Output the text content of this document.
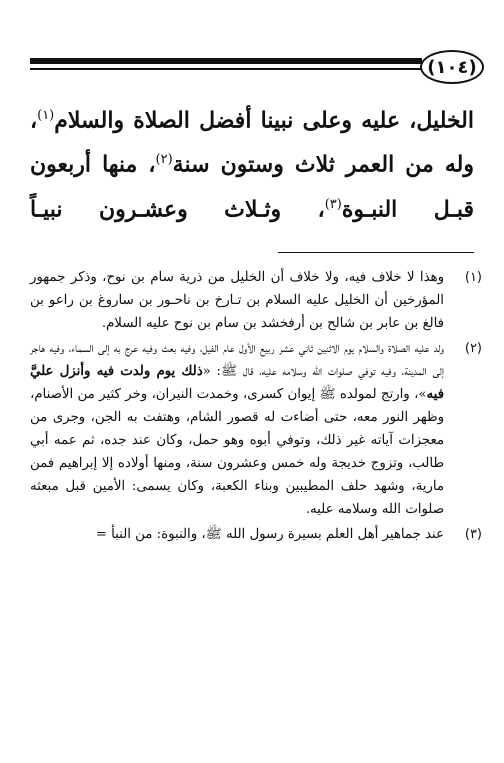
(١٠٤)
الخليل، عليه وعلى نبينا أفضل الصلاة والسلام$^{(١)}$،
وله من العمر ثلاث وستون سنة$^{(٢)}$، منها أربعون
قبـل النبـوة$^{(٣)}$، وثـلاث وعشـرون نبيـاً
(١)
وهذا لا خلاف فيه، ولا خلاف أن الخليل من ذرية سام بن نوح، وذكر جمهور المؤرخين أن الخليل عليه السلام بن تـارخ بن ناحـور بن ساروغ بن راعو بن فالغ بن عابر بن شالح بن أرفخشد بن سام بن نوح عليه السلام.
(٢)
ولد عليه الصلاة والسلام يوم الاثنين ثاني عشر ربيع الأول عام الفيل، وفيه بعث وفيه عرج به إلى السماء، وفيه هاجر إلى المدينة، وفيه توفي صلوات الله وسلامه عليه، قال ﷺ: «ذلك يوم ولدت فيه وأنزل عليَّ فيه»، وارتج لمولده ﷺ إيوان كسرى، وخمدت النيران، وخر كثير من الأصنام، وظهر النور معه، حتى أضاءت له قصور الشام، وهتفت به الجن، وجرى من معجزات آياته غير ذلك، وتوفي أبوه وهو حمل، وكان عند جده، ثم عمه أبي طالب، وتزوج خديجة وله خمس وعشرون سنة، ومنها أولاده إلا إبراهيم فمن مارية، وشهد حلف المطيبين وبناء الكعبة، وكان يسمى: الأمين قبل مبعثه صلوات الله وسلامه عليه.
(٣)
عند جماهير أهل العلم بسيرة رسول الله ﷺ، والنبوة: من النبأ =
